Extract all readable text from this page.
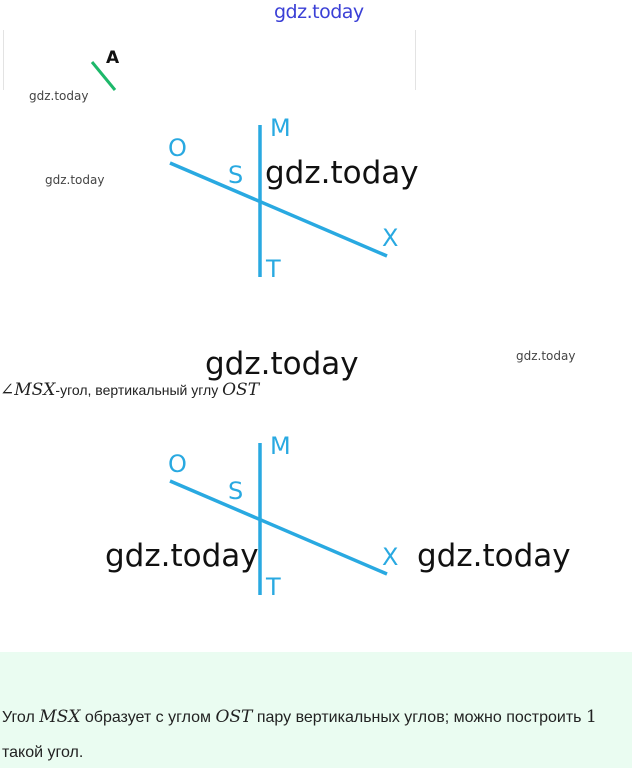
gdz.today
A
gdz.today
gdz.today
O
S
M
X
T
gdz.today
gdz.today	gdz.today
∠MSX-угол, вертикальный углу OST
O
S
M
X
T
gdz.today	gdz.today
Угол MSX образует с углом OST пару вертикальных углов; можно построить 1 такой угол.
